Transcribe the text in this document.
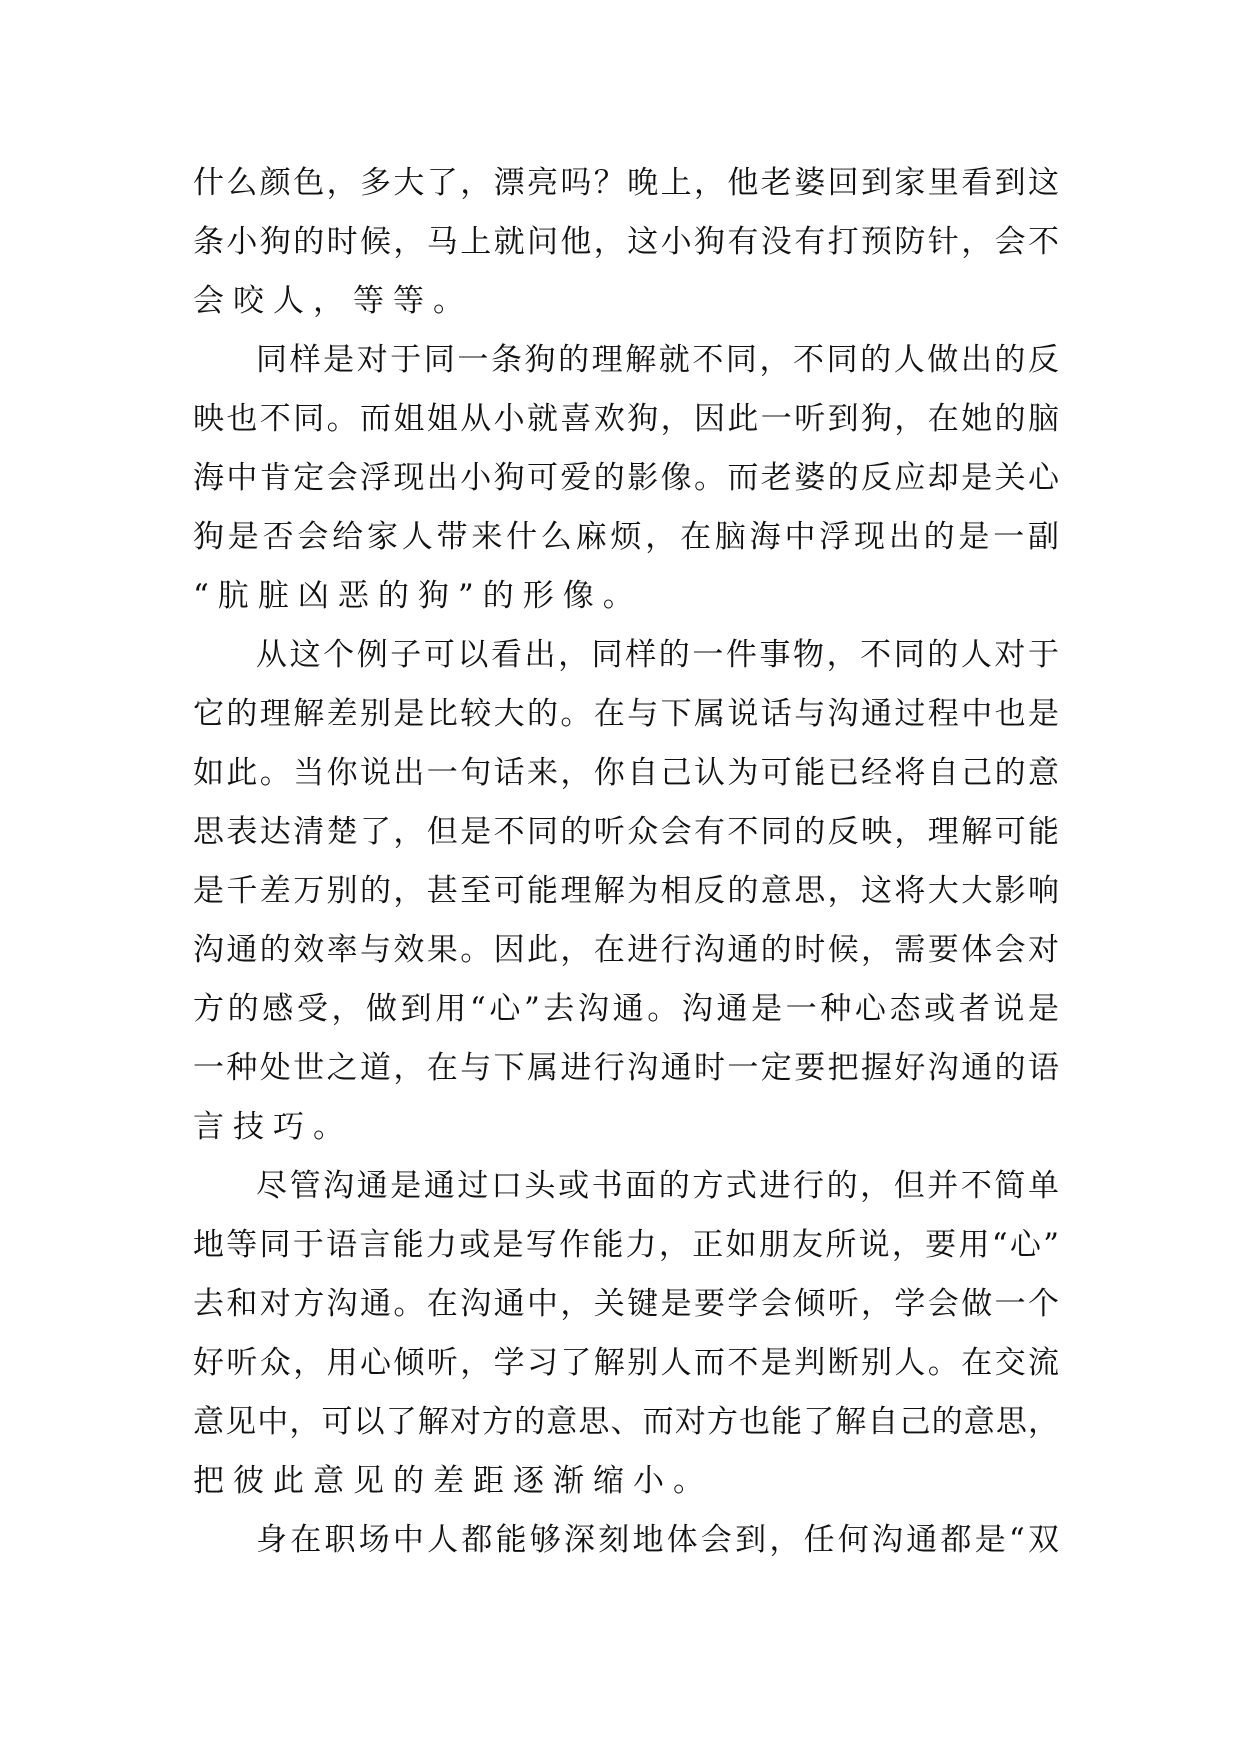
什么颜色，多大了，漂亮吗？晚上，他老婆回到家里看到这
条小狗的时候，马上就问他，这小狗有没有打预防针，会不
会咬人，等等。
同样是对于同一条狗的理解就不同，不同的人做出的反
映也不同。而姐姐从小就喜欢狗，因此一听到狗，在她的脑
海中肯定会浮现出小狗可爱的影像。而老婆的反应却是关心
狗是否会给家人带来什么麻烦，在脑海中浮现出的是一副
“肮脏凶恶的狗”的形像。
从这个例子可以看出，同样的一件事物，不同的人对于
它的理解差别是比较大的。在与下属说话与沟通过程中也是
如此。当你说出一句话来，你自己认为可能已经将自己的意
思表达清楚了，但是不同的听众会有不同的反映，理解可能
是千差万别的，甚至可能理解为相反的意思，这将大大影响
沟通的效率与效果。因此，在进行沟通的时候，需要体会对
方的感受，做到用“心”去沟通。沟通是一种心态或者说是
一种处世之道，在与下属进行沟通时一定要把握好沟通的语
言技巧。
尽管沟通是通过口头或书面的方式进行的，但并不简单
地等同于语言能力或是写作能力，正如朋友所说，要用“心”
去和对方沟通。在沟通中，关键是要学会倾听，学会做一个
好听众，用心倾听，学习了解别人而不是判断别人。在交流
意见中，可以了解对方的意思、而对方也能了解自己的意思，
把彼此意见的差距逐渐缩小。
身在职场中人都能够深刻地体会到，任何沟通都是“双
